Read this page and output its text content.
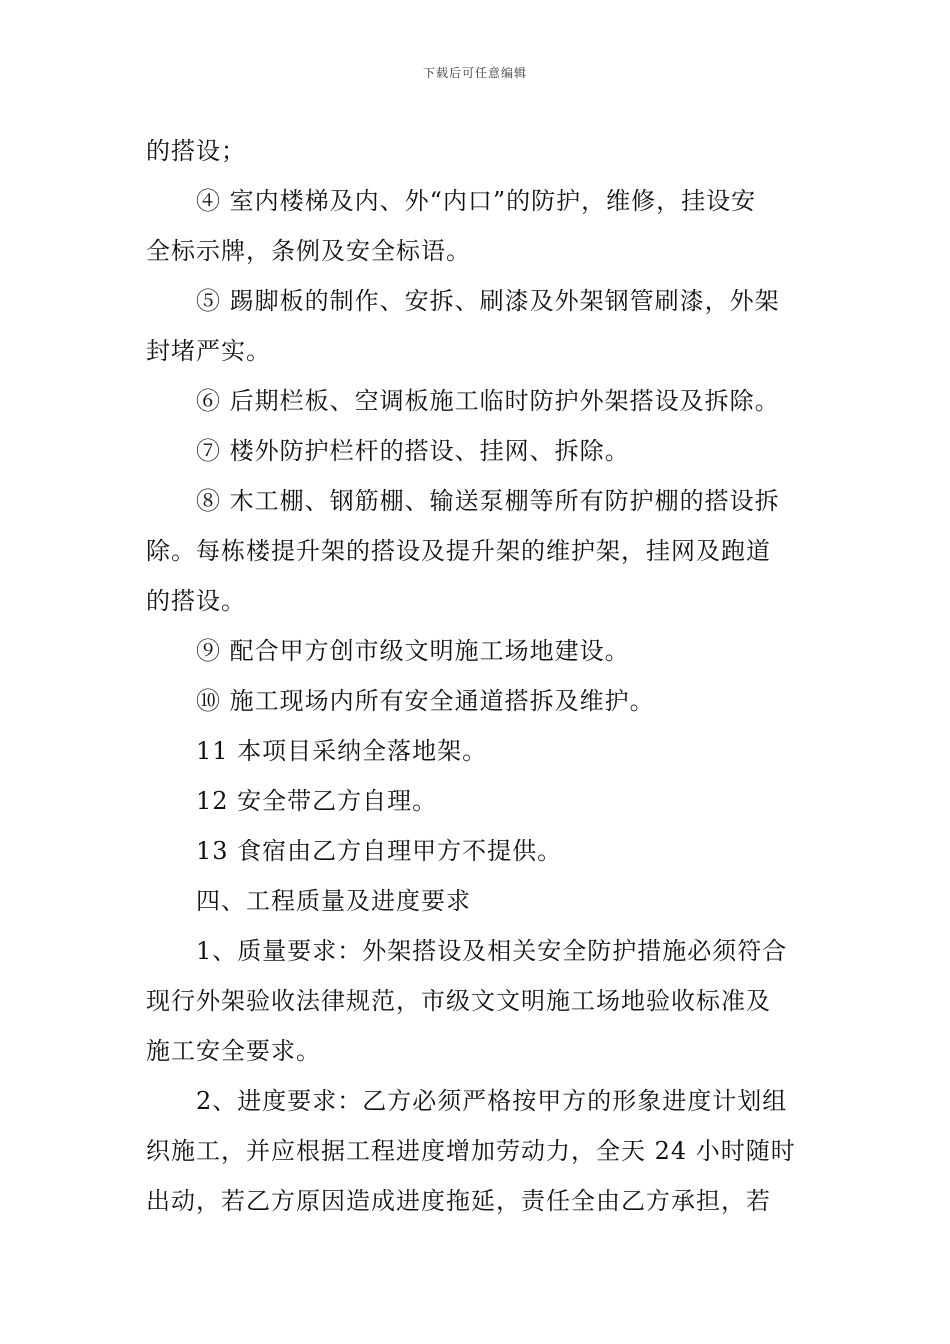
下载后可任意编辑

的搭设；

④ 室内楼梯及内、外“内口”的防护，维修，挂设安

全标示牌，条例及安全标语。

⑤ 踢脚板的制作、安拆、刷漆及外架钢管刷漆，外架

封堵严实。

⑥ 后期栏板、空调板施工临时防护外架搭设及拆除。

⑦ 楼外防护栏杆的搭设、挂网、拆除。

⑧ 木工棚、钢筋棚、输送泵棚等所有防护棚的搭设拆

除。每栋楼提升架的搭设及提升架的维护架，挂网及跑道

的搭设。

⑨ 配合甲方创市级文明施工场地建设。

⑩ 施工现场内所有安全通道搭拆及维护。

11 本项目采纳全落地架。

12 安全带乙方自理。

13 食宿由乙方自理甲方不提供。

四、工程质量及进度要求

1、质量要求：外架搭设及相关安全防护措施必须符合

现行外架验收法律规范，市级文文明施工场地验收标准及

施工安全要求。

2、进度要求：乙方必须严格按甲方的形象进度计划组

织施工，并应根据工程进度增加劳动力，全天 24 小时随时

出动，若乙方原因造成进度拖延，责任全由乙方承担，若
